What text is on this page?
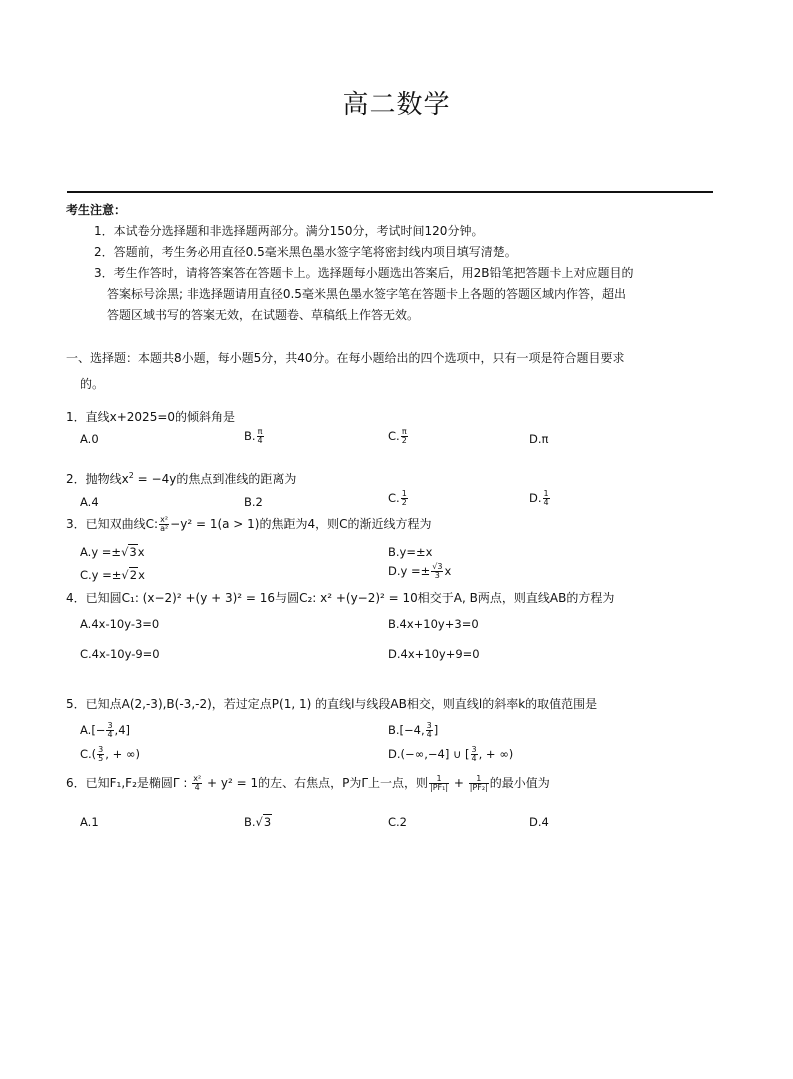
高二数学
考生注意：
1．本试卷分选择题和非选择题两部分。满分150分，考试时间120分钟。
2．答题前，考生务必用直径0.5毫米黑色墨水签字笔将密封线内项目填写清楚。
3．考生作答时，请将答案答在答题卡上。选择题每小题选出答案后，用2B铅笔把答题卡上对应题目的
答案标号涂黑; 非选择题请用直径0.5毫米黑色墨水签字笔在答题卡上各题的答题区域内作答，超出
答题区域书写的答案无效，在试题卷、草稿纸上作答无效。
一、选择题：本题共8小题，每小题5分，共40分。在每小题给出的四个选项中，只有一项是符合题目要求
的。
1．直线x+2025=0的倾斜角是
A.0	B. $\frac{\pi}{4}$	C. $\frac{\pi}{2}$	D.π
2．抛物线$x^2 = -4y$的焦点到准线的距离为
A.4	B.2	C. $\frac{1}{2}$	D. $\frac{1}{4}$
3．已知双曲线C: $\frac{\text{x²}}{\text{a²}} -y^2 = 1(a > 1)$的焦距为4，则C的渐近线方程为
A.y =±√3x	B.y=±x
C.y =±√2x	$D.y =\pm \frac{√3}{3}$ x
4．已知圆C₁: (x−2)² +(y + 3)² = 16与圆C₂: x² +(y−2)² = 10相交于A, B两点，则直线AB的方程为
A.4x-10y-3=0	B.4x+10y+3=0
C.4x-10y-9=0	D.4x+10y+9=0
5．已知点A(2,-3),B(-3,-2)，若过定点P(1, 1) 的直线l与线段AB相交，则直线l的斜率k的取值范围是
$A.[- \frac{3}{4} ,4]$	B.[−4, $\frac{3}{4}$ ]
$C.( \frac{3}{5}$ , + ∞)	D.(−∞,−4] ∪ [ $\frac{3}{4}$ , + ∞)
6．已知F₁,F₂是椭圆Γ : $\frac{\text{x²}}{4} + y^2 = 1$的左、右焦点，P为Γ上一点，则 $\frac{1}{\text{|PF₁|}} + \frac{1}{\text{|PF₂|}}$ 的最小值为
A.1	B.√3	C.2	D.4
